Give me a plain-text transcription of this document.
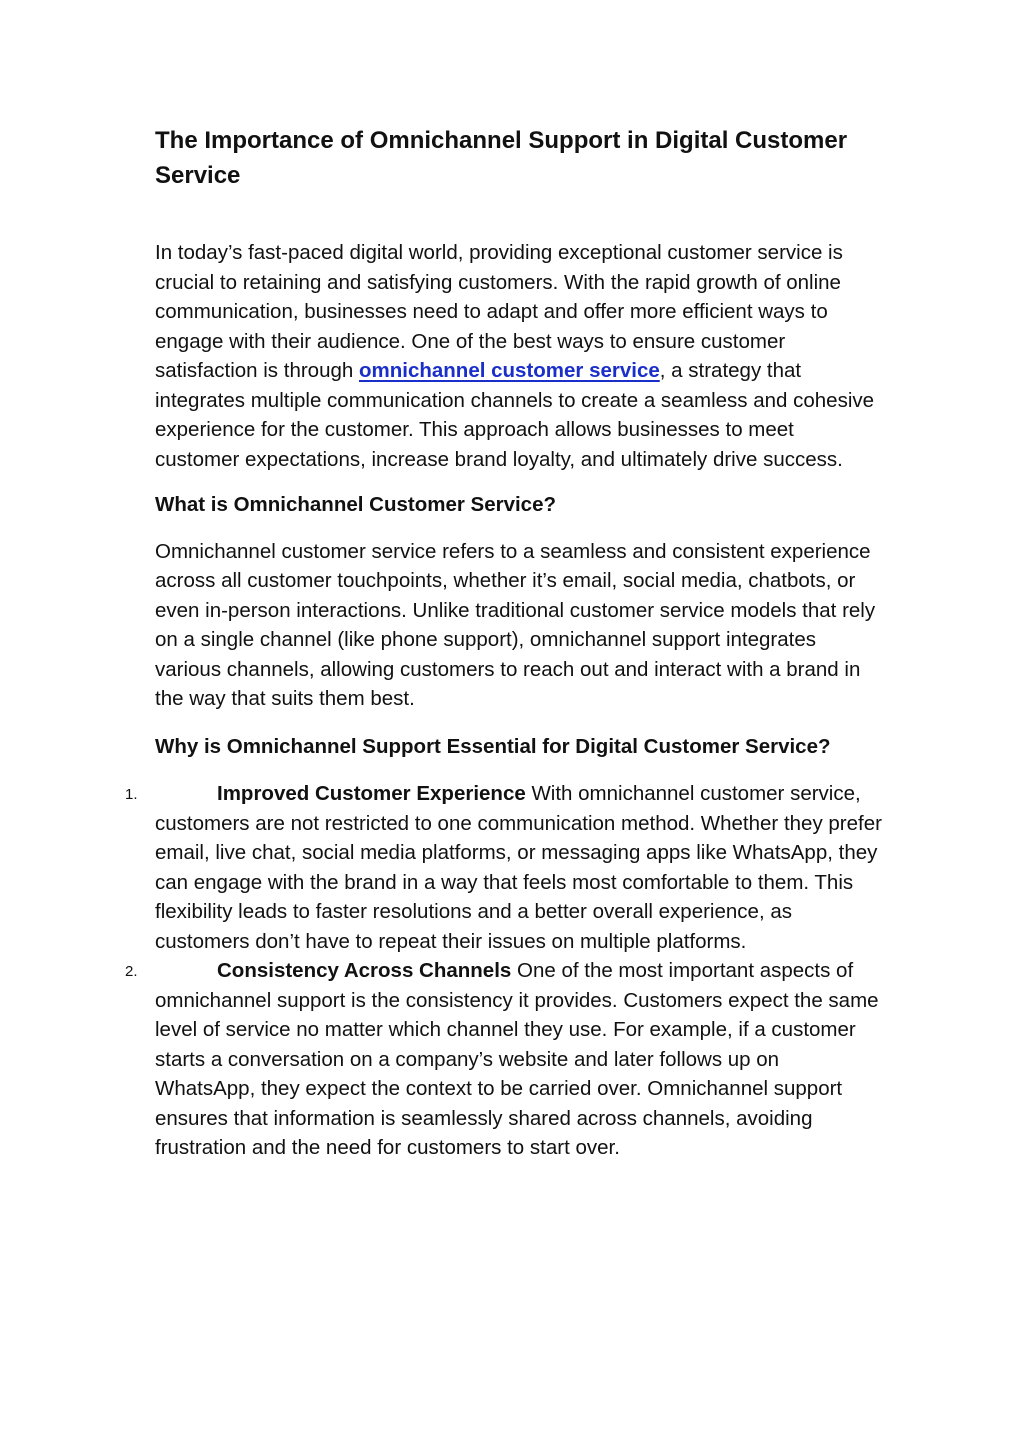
The Importance of Omnichannel Support in Digital Customer Service

In today’s fast-paced digital world, providing exceptional customer service is crucial to retaining and satisfying customers. With the rapid growth of online communication, businesses need to adapt and offer more efficient ways to engage with their audience. One of the best ways to ensure customer satisfaction is through omnichannel customer service, a strategy that integrates multiple communication channels to create a seamless and cohesive experience for the customer. This approach allows businesses to meet customer expectations, increase brand loyalty, and ultimately drive success.

What is Omnichannel Customer Service?

Omnichannel customer service refers to a seamless and consistent experience across all customer touchpoints, whether it’s email, social media, chatbots, or even in-person interactions. Unlike traditional customer service models that rely on a single channel (like phone support), omnichannel support integrates various channels, allowing customers to reach out and interact with a brand in the way that suits them best.

Why is Omnichannel Support Essential for Digital Customer Service?
1.	Improved Customer Experience With omnichannel customer service, customers are not restricted to one communication method. Whether they prefer email, live chat, social media platforms, or messaging apps like WhatsApp, they can engage with the brand in a way that feels most comfortable to them. This flexibility leads to faster resolutions and a better overall experience, as customers don’t have to repeat their issues on multiple platforms.

2.	Consistency Across Channels One of the most important aspects of omnichannel support is the consistency it provides. Customers expect the same level of service no matter which channel they use. For example, if a customer starts a conversation on a company’s website and later follows up on WhatsApp, they expect the context to be carried over. Omnichannel support ensures that information is seamlessly shared across channels, avoiding frustration and the need for customers to start over.
